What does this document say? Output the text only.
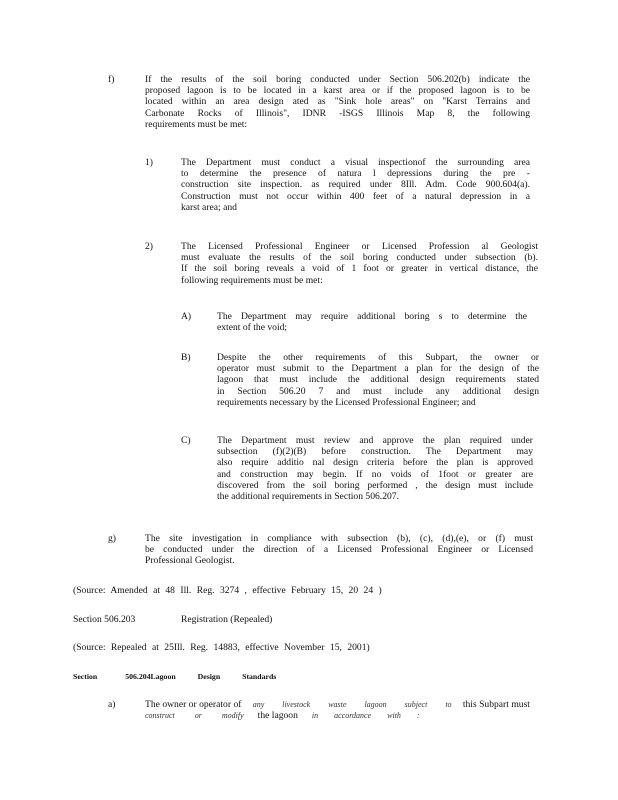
f)	If the results of the soil boring conducted under Section 506.202(b) indicate the
proposed lagoon is to be located in a karst area or if the proposed lagoon is to be
located within an area design ated as "Sink hole areas" on "Karst Terrains and
Carbonate Rocks of Illinois", IDNR -ISGS Illinois Map 8, the following
requirements must be met:
1)	The Department must conduct a visual inspectionof the surrounding area
to determine the presence of natura l depressions during the pre -
construction site inspection. as required under 8Ill. Adm. Code 900.604(a).
Construction must not occur within 400 feet of a natural depression in a
karst area; and
2)	The Licensed Professional Engineer or Licensed Profession al Geologist
must evaluate the results of the soil boring conducted under subsection (b).
If the soil boring reveals a void of 1 foot or greater in vertical distance, the
following requirements must be met:
A)	The Department may require additional boring s to determine the
extent of the void;
B)	Despite the other requirements of this Subpart, the owner or
operator must submit to the Department a plan for the design of the
lagoon that must include the additional design requirements stated
in Section 506.20 7 and must include any additional design
requirements necessary by the Licensed Professional Engineer; and
C)	The Department must review and approve the plan required under
subsection (f)(2)(B) before construction. The Department may
also require additio nal design criteria before the plan is approved
and construction may begin. If no voids of 1foot or greater are
discovered from the soil boring performed , the design must include
the additional requirements in Section 506.207.
g)	The site investigation in compliance with subsection (b), (c), (d),(e), or (f) must
be conducted under the direction of a Licensed Professional Engineer or Licensed
Professional Geologist.
(Source: Amended at 48 Ill. Reg. 3274 , effective February 15, 20 24 )
Section 506.203	Registration (Repealed)
(Source: Repealed at 25Ill. Reg. 14883, effective November 15, 2001)
Section 506.204 Lagoon Design Standards
a)	The owner or operator of any livestock waste lagoon subject to this Subpart must
construct or modify the lagoon in accordance with :
